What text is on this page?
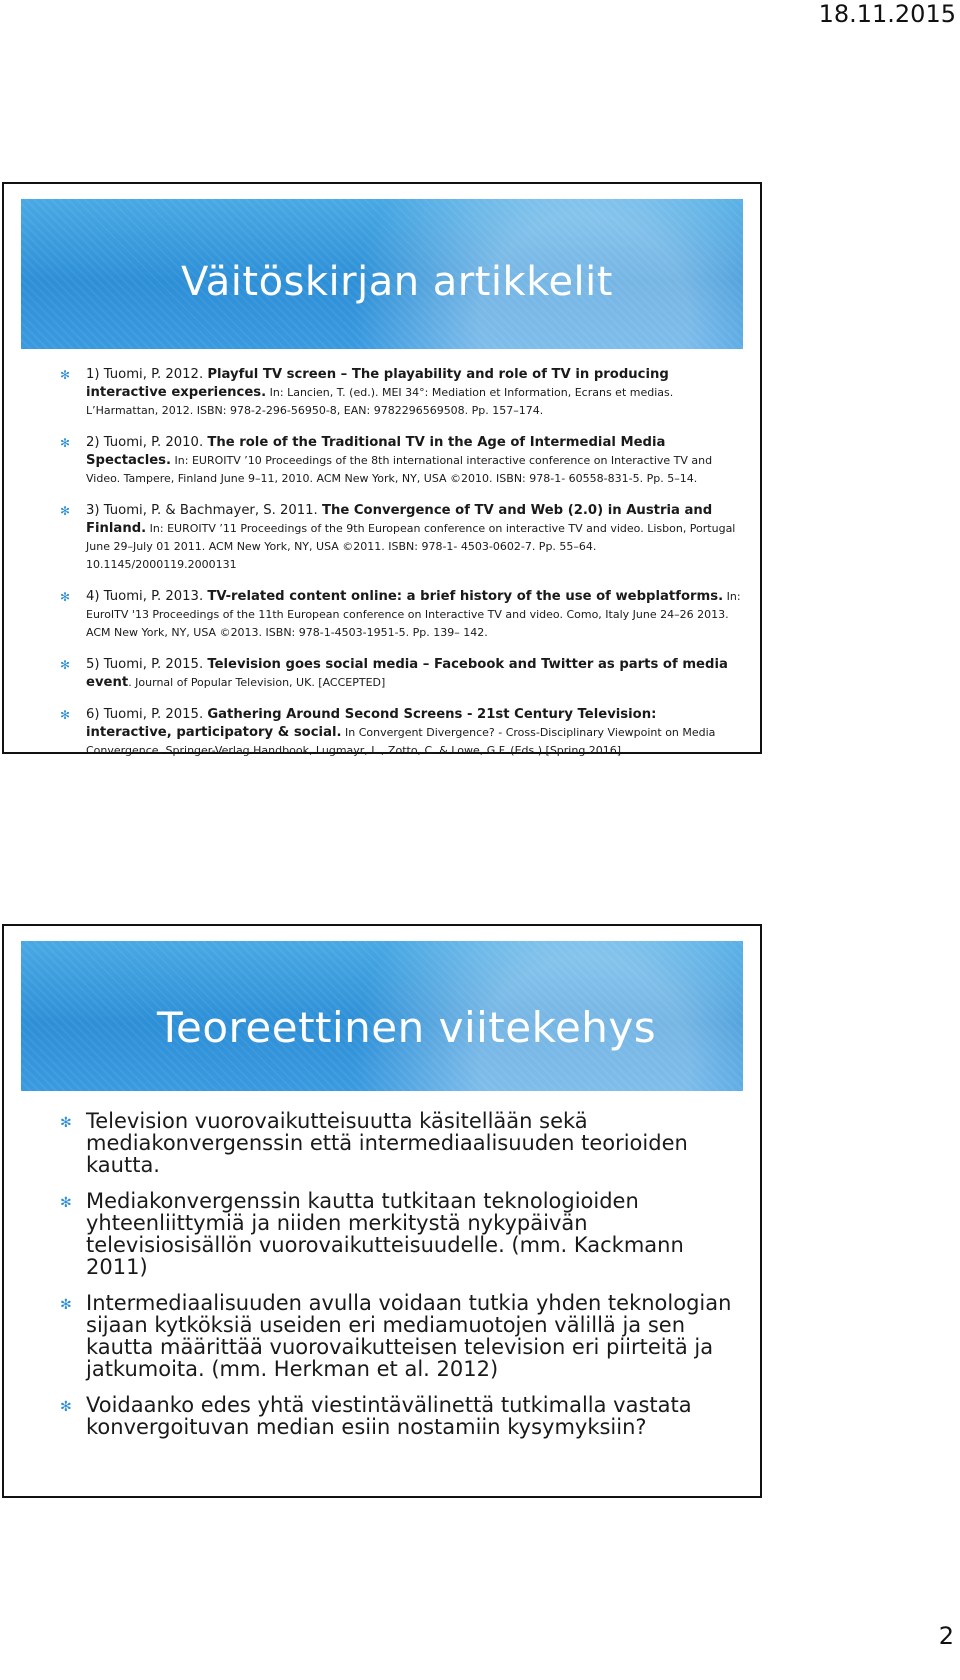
18.11.2015
Väitöskirjan artikkelit
✻ 1) Tuomi, P. 2012. Playful TV screen – The playability and role of TV in producing interactive experiences. In: Lancien, T. (ed.). MEI 34°: Mediation et Information, Ecrans et medias. L’Harmattan, 2012. ISBN: 978-2-296-56950-8, EAN: 9782296569508. Pp. 157–174.
✻ 2) Tuomi, P. 2010. The role of the Traditional TV in the Age of Intermedial Media Spectacles. In: EUROITV ’10 Proceedings of the 8th international interactive conference on Interactive TV and Video. Tampere, Finland June 9–11, 2010. ACM New York, NY, USA ©2010. ISBN: 978-1- 60558-831-5. Pp. 5–14.
✻ 3) Tuomi, P. & Bachmayer, S. 2011. The Convergence of TV and Web (2.0) in Austria and Finland. In: EUROITV ’11 Proceedings of the 9th European conference on interactive TV and video. Lisbon, Portugal June 29–July 01 2011. ACM New York, NY, USA ©2011. ISBN: 978-1- 4503-0602-7. Pp. 55–64. 10.1145/2000119.2000131
✻ 4) Tuomi, P. 2013. TV-related content online: a brief history of the use of webplatforms. In: EuroITV '13 Proceedings of the 11th European conference on Interactive TV and video. Como, Italy June 24–26 2013. ACM New York, NY, USA ©2013. ISBN: 978-1-4503-1951-5. Pp. 139– 142.
✻ 5) Tuomi, P. 2015. Television goes social media – Facebook and Twitter as parts of media event. Journal of Popular Television, UK. [ACCEPTED]
✻ 6) Tuomi, P. 2015. Gathering Around Second Screens - 21st Century Television: interactive, participatory & social. In Convergent Divergence? - Cross-Disciplinary Viewpoint on Media Convergence. Springer-Verlag Handbook, Lugmayr, L., Zotto, C. & Lowe, G.F. (Eds.) [Spring 2016]
Teoreettinen viitekehys
✻ Television vuorovaikutteisuutta käsitellään sekä mediakonvergenssin että intermediaalisuuden teorioiden kautta.
✻ Mediakonvergenssin kautta tutkitaan teknologioiden yhteenliittymiä ja niiden merkitystä nykypäivän televisiosisällön vuorovaikutteisuudelle. (mm. Kackmann 2011)
✻ Intermediaalisuuden avulla voidaan tutkia yhden teknologian sijaan kytköksiä useiden eri mediamuotojen välillä ja sen kautta määrittää vuorovaikutteisen television eri piirteitä ja jatkumoita. (mm. Herkman et al. 2012)
✻ Voidaanko edes yhtä viestintävälinettä tutkimalla vastata konvergoituvan median esiin nostamiin kysymyksiin?
2
